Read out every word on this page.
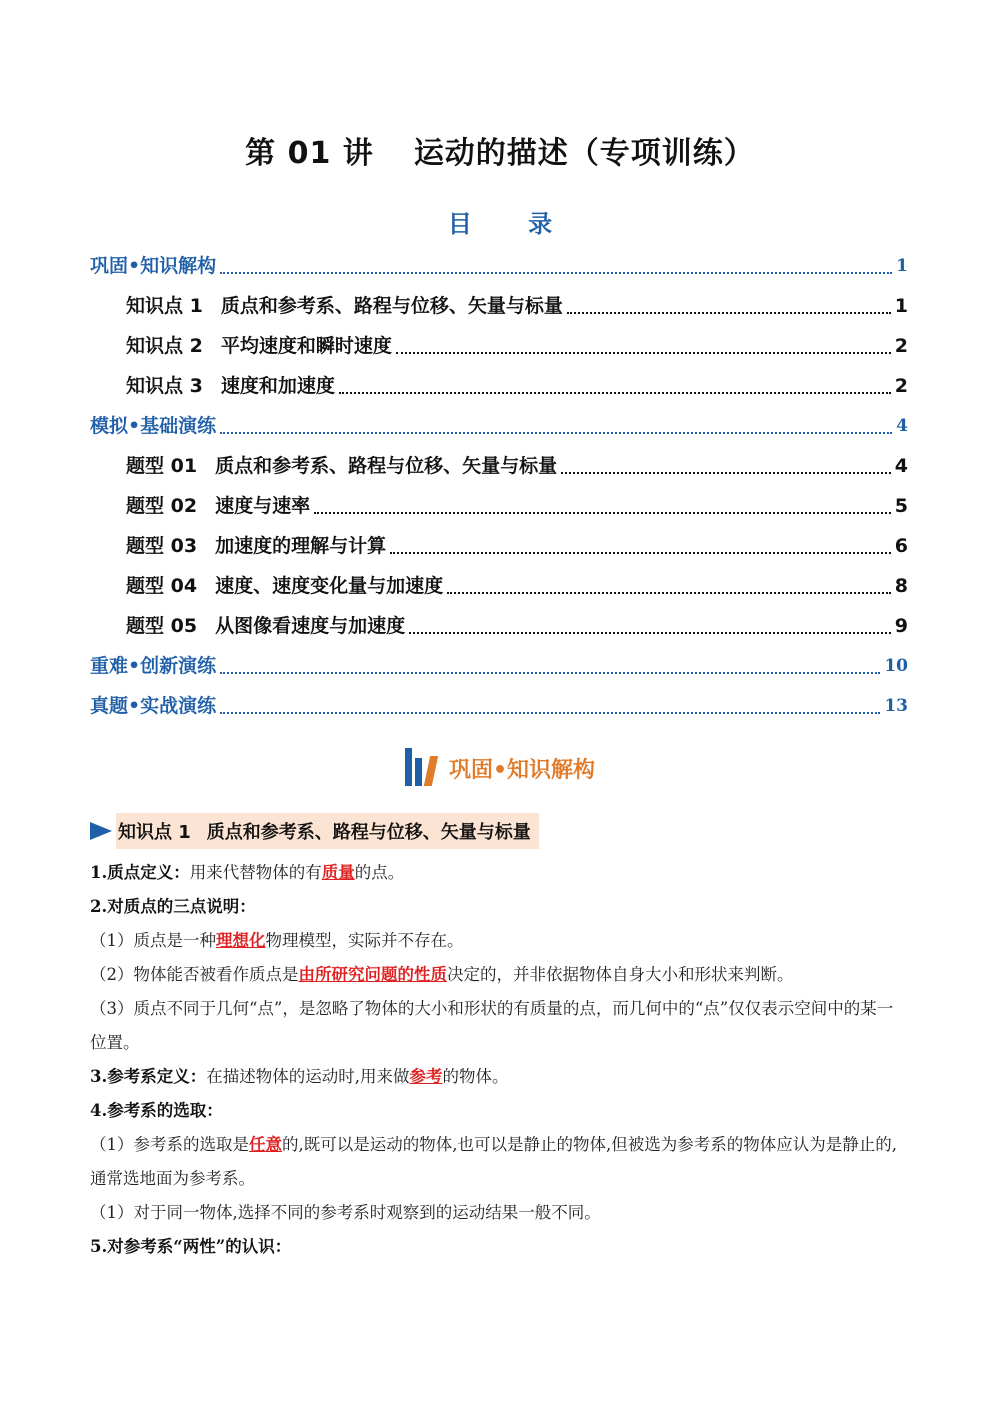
第 01 讲 运动的描述（专项训练）
目 录
巩固•知识解构	1
知识点 1 质点和参考系、路程与位移、矢量与标量	1
知识点 2 平均速度和瞬时速度	2
知识点 3 速度和加速度	2
模拟•基础演练	4
题型 01 质点和参考系、路程与位移、矢量与标量	4
题型 02 速度与速率	5
题型 03 加速度的理解与计算	6
题型 04 速度、速度变化量与加速度	8
题型 05 从图像看速度与加速度	9
重难•创新演练	10
真题•实战演练	13
巩固•知识解构
知识点 1 质点和参考系、路程与位移、矢量与标量

1.质点定义：用来代替物体的有质量的点。

2.对质点的三点说明：

（1）质点是一种理想化物理模型，实际并不存在。

（2）物体能否被看作质点是由所研究问题的性质决定的，并非依据物体自身大小和形状来判断。

（3）质点不同于几何“点”，是忽略了物体的大小和形状的有质量的点，而几何中的“点”仅仅表示空间中的某一位置。

3.参考系定义：在描述物体的运动时,用来做参考的物体。

4.参考系的选取：

（1）参考系的选取是任意的,既可以是运动的物体,也可以是静止的物体,但被选为参考系的物体应认为是静止的,通常选地面为参考系。

（1）对于同一物体,选择不同的参考系时观察到的运动结果一般不同。

5.对参考系“两性”的认识：
